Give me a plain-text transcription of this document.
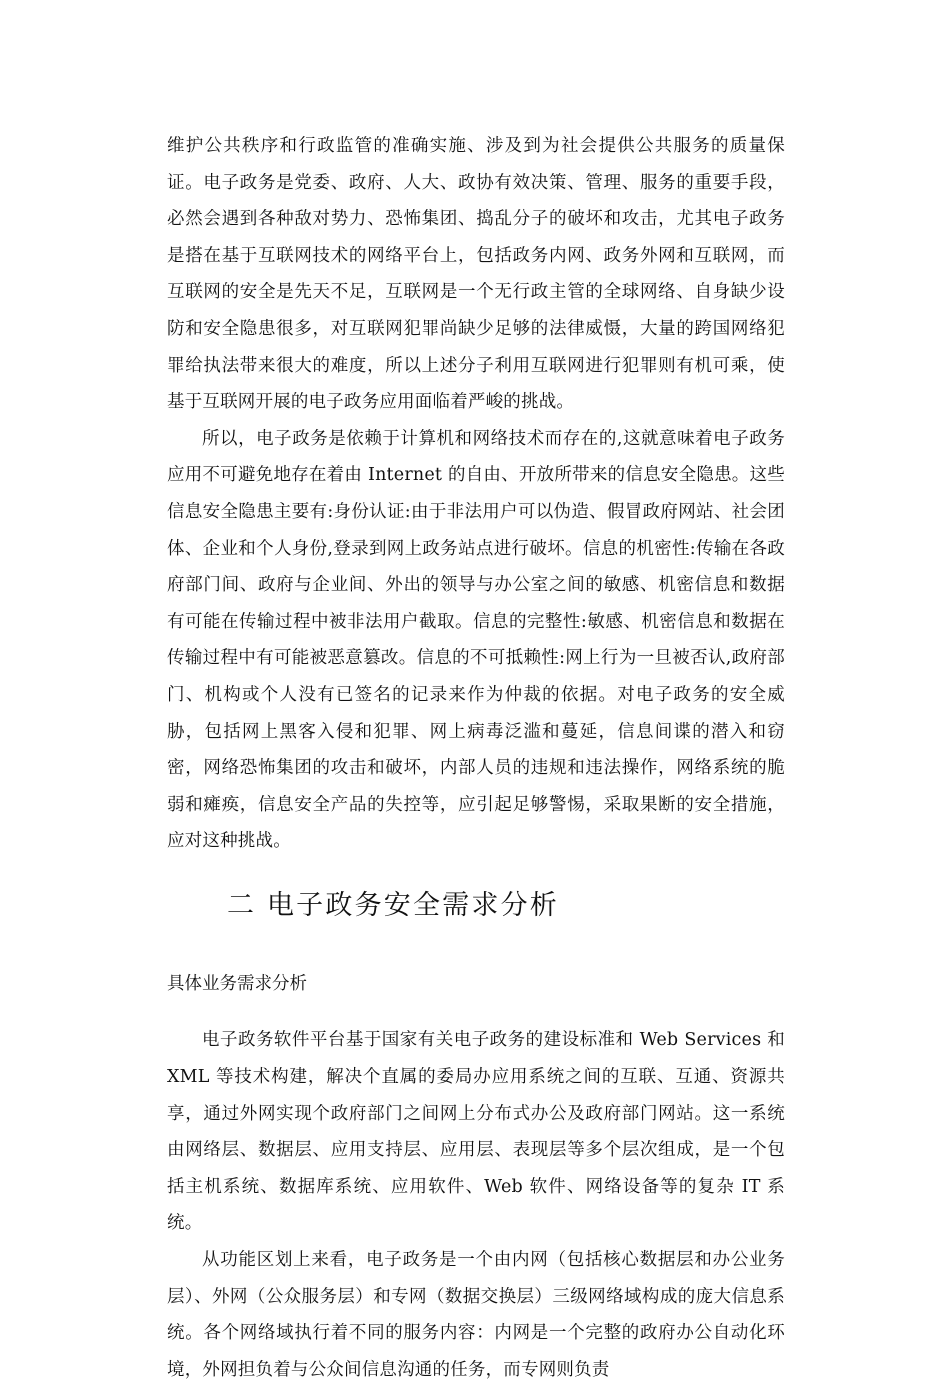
维护公共秩序和行政监管的准确实施、涉及到为社会提供公共服务的质量保证。电子政务是党委、政府、人大、政协有效决策、管理、服务的重要手段，必然会遇到各种敌对势力、恐怖集团、捣乱分子的破坏和攻击，尤其电子政务是搭在基于互联网技术的网络平台上，包括政务内网、政务外网和互联网，而互联网的安全是先天不足，互联网是一个无行政主管的全球网络、自身缺少设防和安全隐患很多，对互联网犯罪尚缺少足够的法律威慑，大量的跨国网络犯罪给执法带来很大的难度，所以上述分子利用互联网进行犯罪则有机可乘，使基于互联网开展的电子政务应用面临着严峻的挑战。

所以，电子政务是依赖于计算机和网络技术而存在的,这就意味着电子政务应用不可避免地存在着由 Internet 的自由、开放所带来的信息安全隐患。这些信息安全隐患主要有:身份认证:由于非法用户可以伪造、假冒政府网站、社会团体、企业和个人身份,登录到网上政务站点进行破坏。信息的机密性:传输在各政府部门间、政府与企业间、外出的领导与办公室之间的敏感、机密信息和数据有可能在传输过程中被非法用户截取。信息的完整性:敏感、机密信息和数据在传输过程中有可能被恶意篡改。信息的不可抵赖性:网上行为一旦被否认,政府部门、机构或个人没有已签名的记录来作为仲裁的依据。对电子政务的安全威胁，包括网上黑客入侵和犯罪、网上病毒泛滥和蔓延，信息间谍的潜入和窃密，网络恐怖集团的攻击和破坏，内部人员的违规和违法操作，网络系统的脆弱和瘫痪，信息安全产品的失控等，应引起足够警惕，采取果断的安全措施，应对这种挑战。

二 电子政务安全需求分析

具体业务需求分析

电子政务软件平台基于国家有关电子政务的建设标准和 Web Services 和 XML 等技术构建，解决个直属的委局办应用系统之间的互联、互通、资源共享，通过外网实现个政府部门之间网上分布式办公及政府部门网站。这一系统由网络层、数据层、应用支持层、应用层、表现层等多个层次组成，是一个包括主机系统、数据库系统、应用软件、Web 软件、网络设备等的复杂 IT 系统。

从功能区划上来看，电子政务是一个由内网（包括核心数据层和办公业务层）、外网（公众服务层）和专网（数据交换层）三级网络域构成的庞大信息系统。各个网络域执行着不同的服务内容：内网是一个完整的政府办公自动化环境，外网担负着与公众间信息沟通的任务，而专网则负责
